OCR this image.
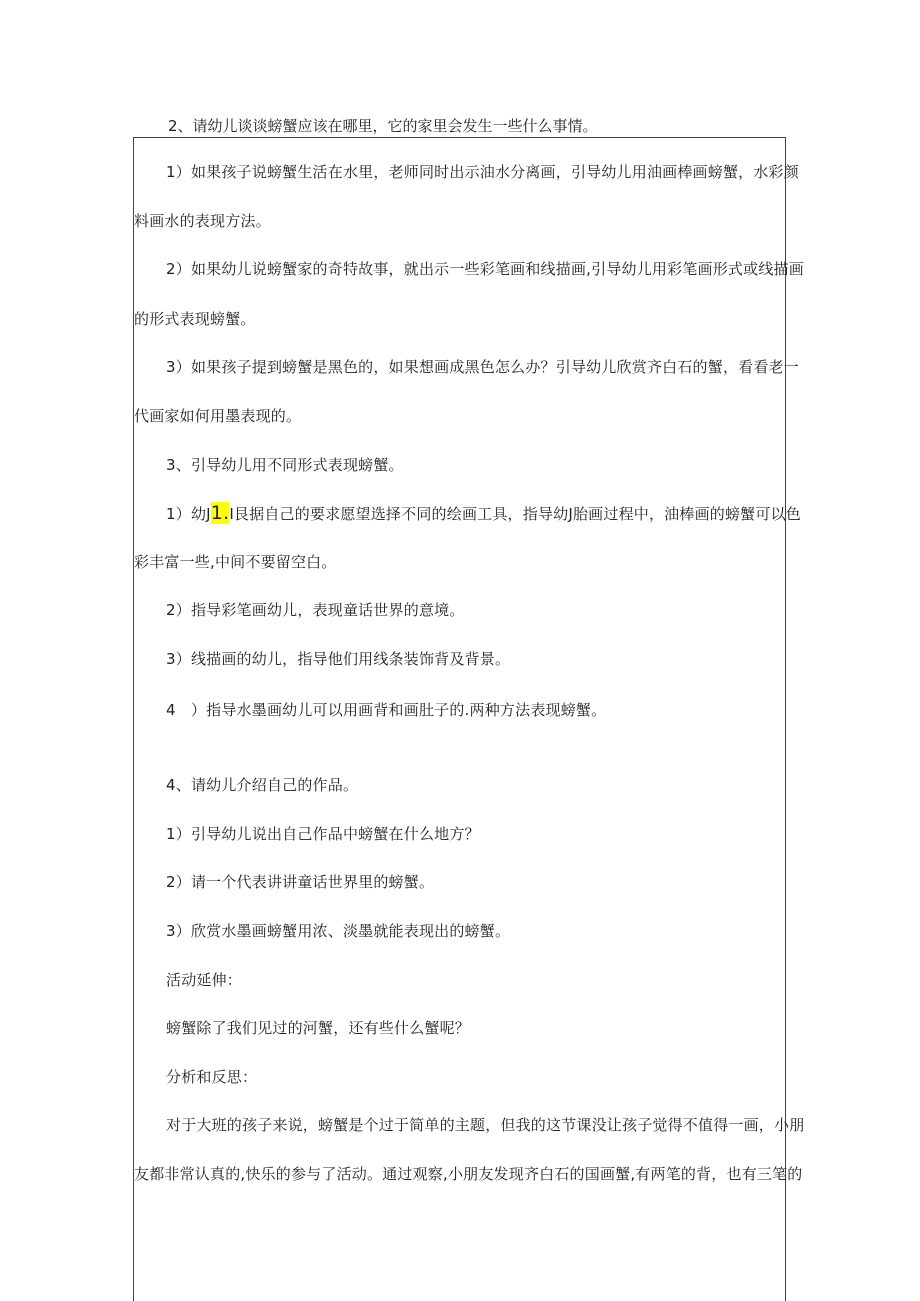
2、请幼儿谈谈螃蟹应该在哪里，它的家里会发生一些什么事情。
1）如果孩子说螃蟹生活在水里，老师同时出示油水分离画，引导幼儿用油画棒画螃蟹，水彩颜
料画水的表现方法。
2）如果幼儿说螃蟹家的奇特故事，就出示一些彩笔画和线描画,引导幼儿用彩笔画形式或线描画
的形式表现螃蟹。
3）如果孩子提到螃蟹是黑色的，如果想画成黑色怎么办？引导幼儿欣赏齐白石的蟹，看看老一
代画家如何用墨表现的。
3、引导幼儿用不同形式表现螃蟹。
1）幼J1.I艮据自己的要求愿望选择不同的绘画工具，指导幼J胎画过程中，油棒画的螃蟹可以色
彩丰富一些,中间不要留空白。
2）指导彩笔画幼儿，表现童话世界的意境。
3）线描画的幼儿，指导他们用线条装饰背及背景。
4　）指导水墨画幼儿可以用画背和画肚子的.两种方法表现螃蟹。
4、请幼儿介绍自己的作品。
1）引导幼儿说出自己作品中螃蟹在什么地方？
2）请一个代表讲讲童话世界里的螃蟹。
3）欣赏水墨画螃蟹用浓、淡墨就能表现出的螃蟹。
活动延伸：
螃蟹除了我们见过的河蟹，还有些什么蟹呢？
分析和反思：
对于大班的孩子来说，螃蟹是个过于简单的主题，但我的这节课没让孩子觉得不值得一画，小朋
友都非常认真的,快乐的参与了活动。通过观察,小朋友发现齐白石的国画蟹,有两笔的背，也有三笔的
